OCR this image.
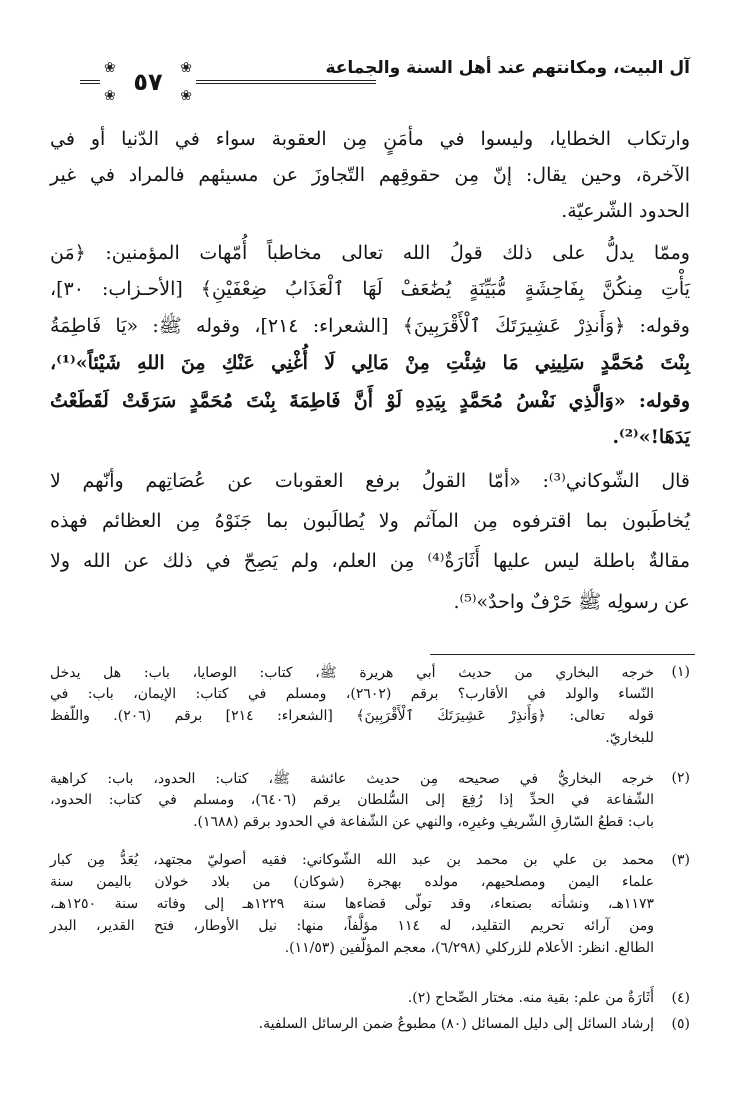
آل البيت، ومكانتهم عند أهل السنة والجماعة
❀	❀
❀	❀
٥٧
وارتكاب الخطايا، وليسوا في مأمَنٍ مِن العقوبة سواء في الدّنيا أو في
الآخرة، وحين يقال: إنّ مِن حقوقِهم التّجاوزَ عن مسيئهم فالمراد في غير
الحدود الشّرعيّة.
وممّا يدلُّ على ذلك قولُ الله تعالى مخاطباً أُمّهات المؤمنين: ﴿مَن
يَأْتِ مِنكُنَّ بِفَاحِشَةٍ مُّبَيِّنَةٍ يُضَٰعَفْ لَهَا ٱلْعَذَابُ ضِعْفَيْنِ﴾ [الأحـزاب: ٣٠]،
وقوله: ﴿وَأَنذِرْ عَشِيرَتَكَ ٱلْأَقْرَبِينَ﴾ [الشعراء: ٢١٤]، وقوله ﷺ: «يَا فَاطِمَةُ
بِنْتَ مُحَمَّدٍ سَلِينِي مَا شِئْتِ مِنْ مَالِي لَا أُغْنِي عَنْكِ مِنَ اللهِ شَيْئاً»⁽¹⁾،
وقوله: «وَالَّذِي نَفْسُ مُحَمَّدٍ بِيَدِهِ لَوْ أَنَّ فَاطِمَةَ بِنْتَ مُحَمَّدٍ سَرَقَتْ لَقَطَعْتُ
يَدَهَا!»⁽²⁾.
قال الشّوكاني⁽³⁾: «أمّا القولُ برفع العقوبات عن عُصَاتِهم وأنّهم لا
يُخاطَبون بما اقترفوه مِن المآثم ولا يُطالَبون بما جَنَوْهُ مِن العظائم فهذه
مقالةٌ باطلة ليس عليها أَثَارَةٌ⁽⁴⁾ مِن العلم، ولم يَصِحّ في ذلك عن الله ولا
عن رسولِه ﷺ حَرْفٌ واحدٌ»⁽⁵⁾.
(١)
خرجه البخاري من حديث أبي هريرة ﷺ، كتاب: الوصايا، باب: هل يدخل
النّساء والولد في الأقارب؟ برقم (٢٦٠٢)، ومسلم في كتاب: الإيمان، باب: في
قوله تعالى: ﴿وَأَنذِرْ عَشِيرَتَكَ ٱلْأَقْرَبِينَ﴾ [الشعراء: ٢١٤] برقم (٢٠٦). واللّفظ
للبخاريّ.
(٢)
خرجه البخاريُّ في صحيحه مِن حديث عائشة ﷺ، كتاب: الحدود، باب: كراهية
الشّفاعة في الحدِّ إذا رُفِعَ إلى السُّلطان برقم (٦٤٠٦)، ومسلم في كتاب: الحدود،
باب: قطعُ السّارقِ الشّريفِ وغيرِه، والنهي عن الشّفاعة في الحدود برقم (١٦٨٨).
(٣)
محمد بن علي بن محمد بن عبد الله الشّوكاني: فقيه أصوليّ مجتهد، يُعَدُّ مِن كبار
علماء اليمن ومصلحيهم، مولده بهجرة (شوكان) من بلاد خولان باليمن سنة
١١٧٣هـ، ونشأته بصنعاء، وقد تولّى قضاءها سنة ١٢٢٩هـ إلى وفاته سنة ١٢٥٠هـ،
ومن آرائه تحريم التقليد، له ١١٤ مؤلَّفاً، منها: نيل الأوطار، فتح القدير، البدر
الطالع. انظر: الأعلام للزركلي (٦/٢٩٨)، معجم المؤلّفين (١١/٥٣).
(٤)
أَثَارَةٌ من علم: بقية منه. مختار الصِّحاح (٢).
(٥)
إرشاد السائل إلى دليل المسائل (٨٠) مطبوعٌ ضمن الرسائل السلفية.
